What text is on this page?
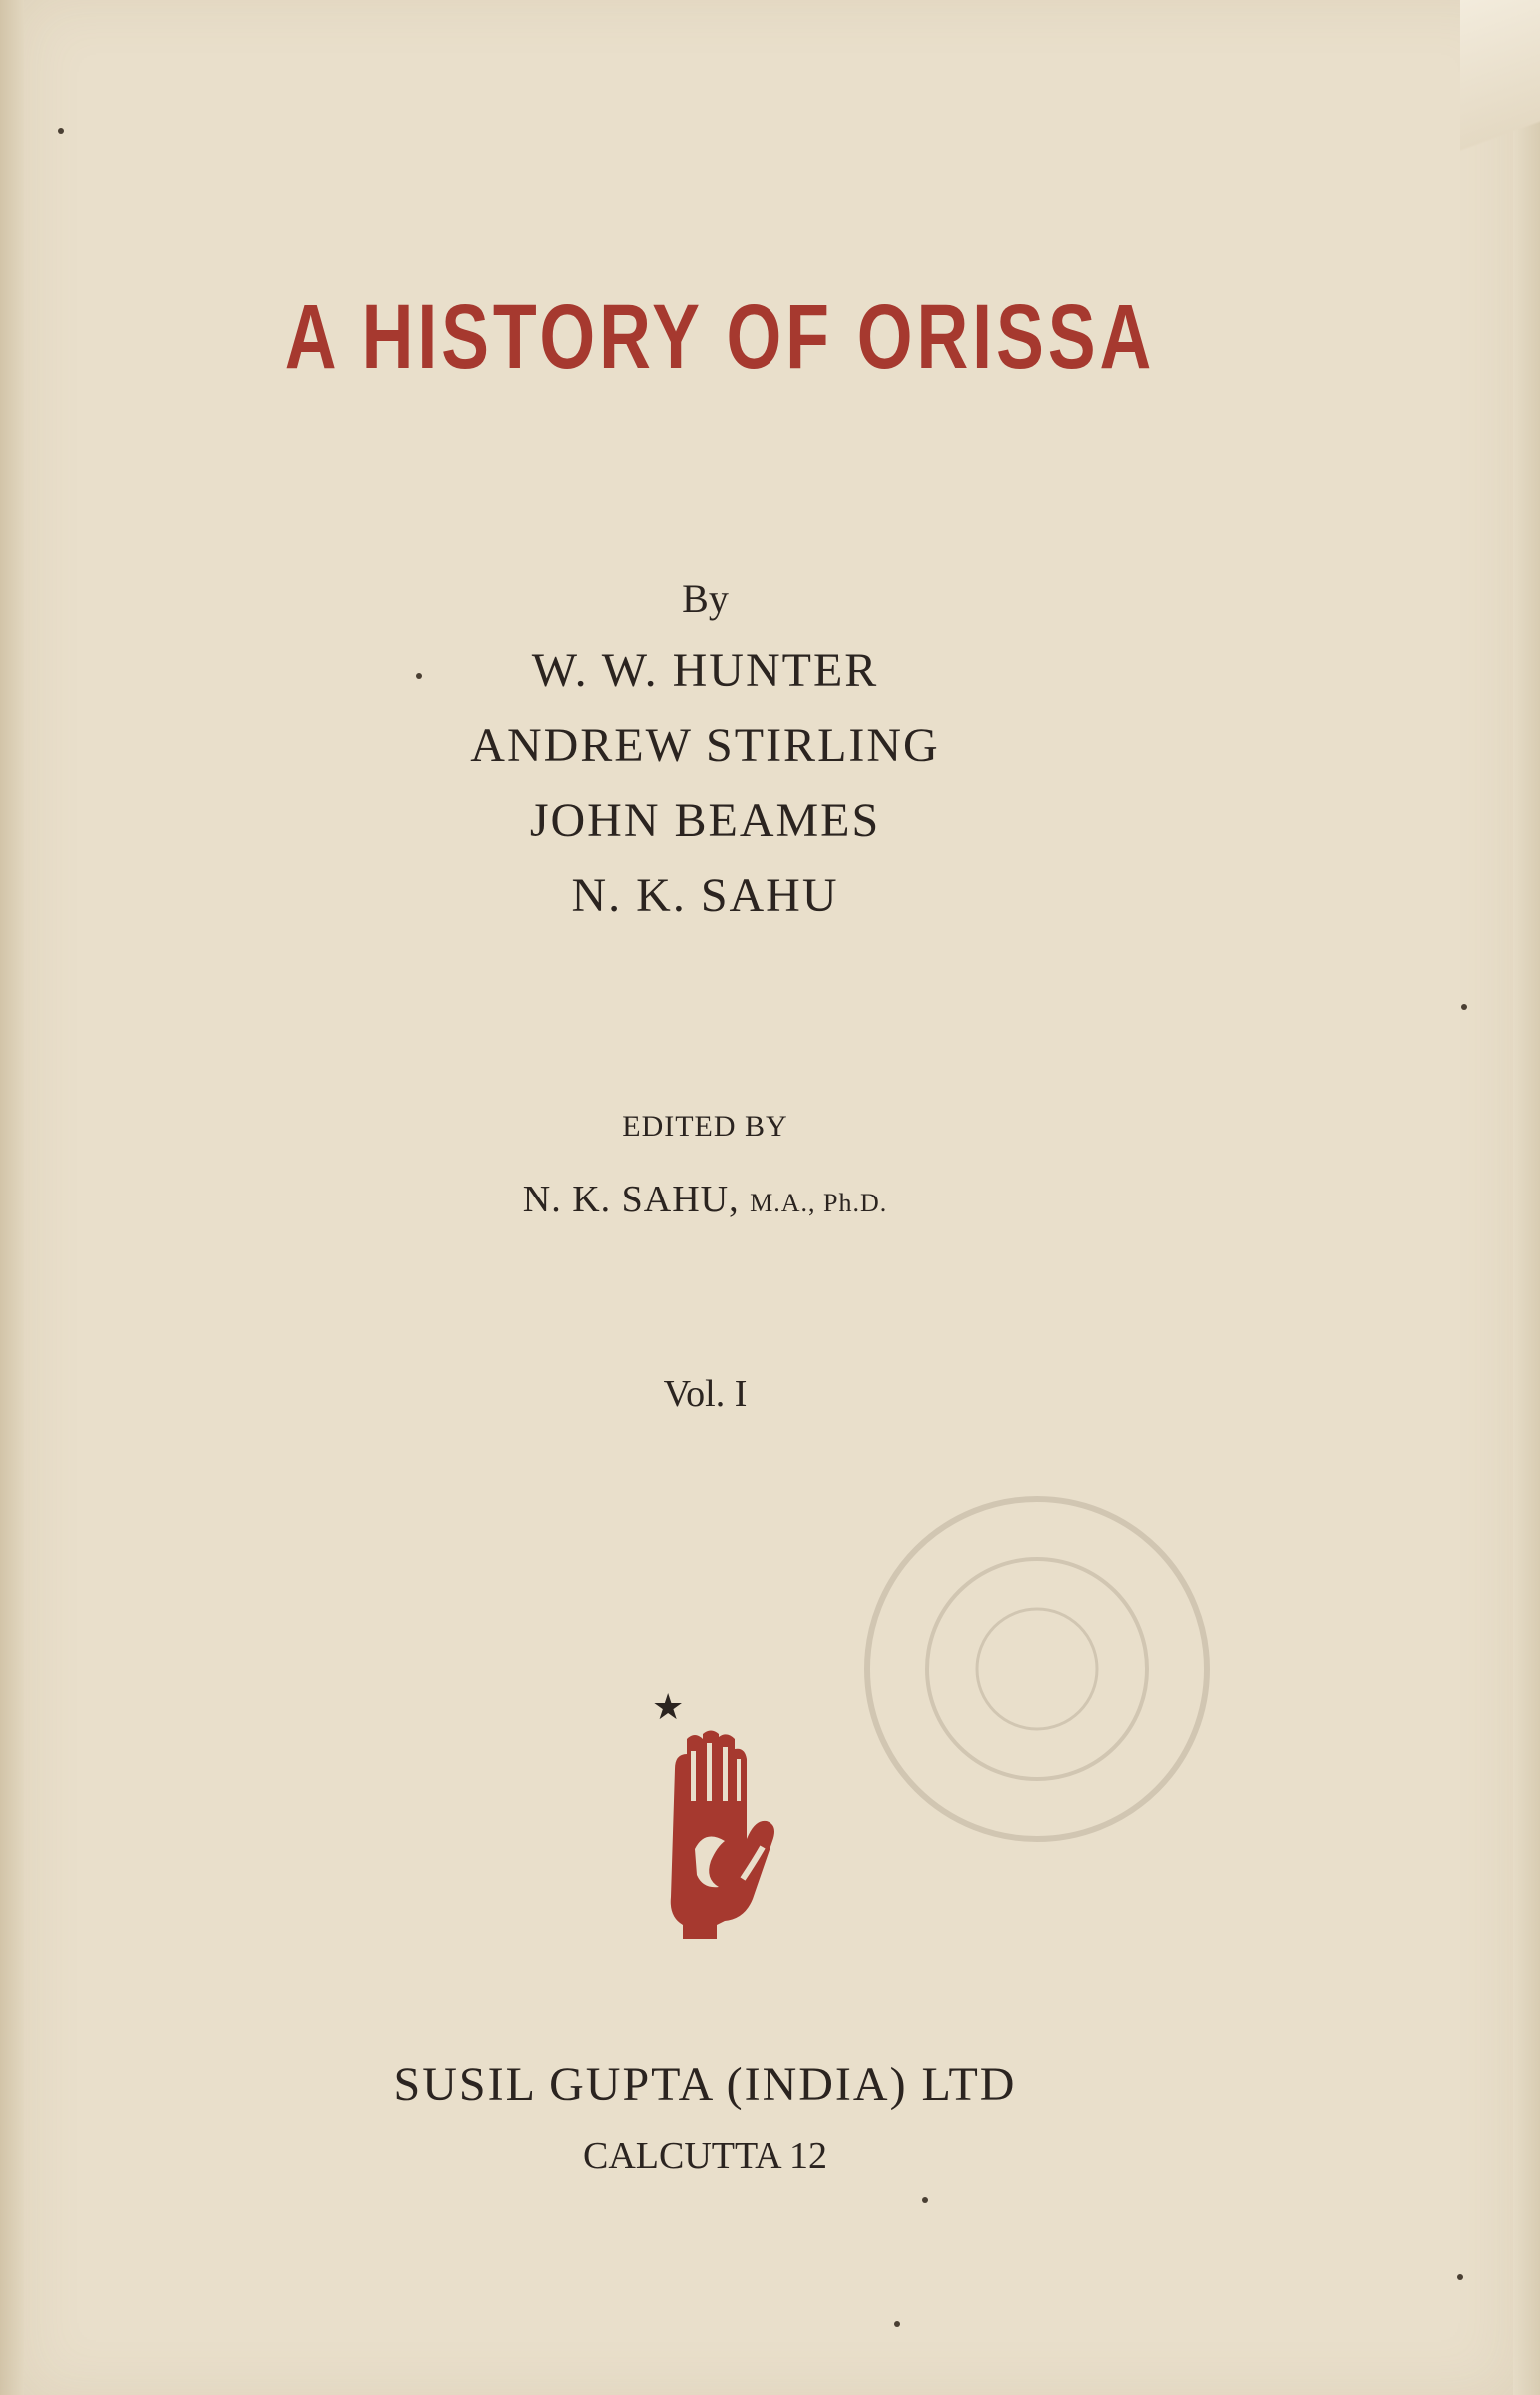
A HISTORY OF ORISSA
By
W. W. HUNTER
ANDREW STIRLING
JOHN BEAMES
N. K. SAHU
EDITED BY
N. K. SAHU, M.A., Ph.D.
Vol. I
★
SUSIL GUPTA (INDIA) LTD
CALCUTTA 12
